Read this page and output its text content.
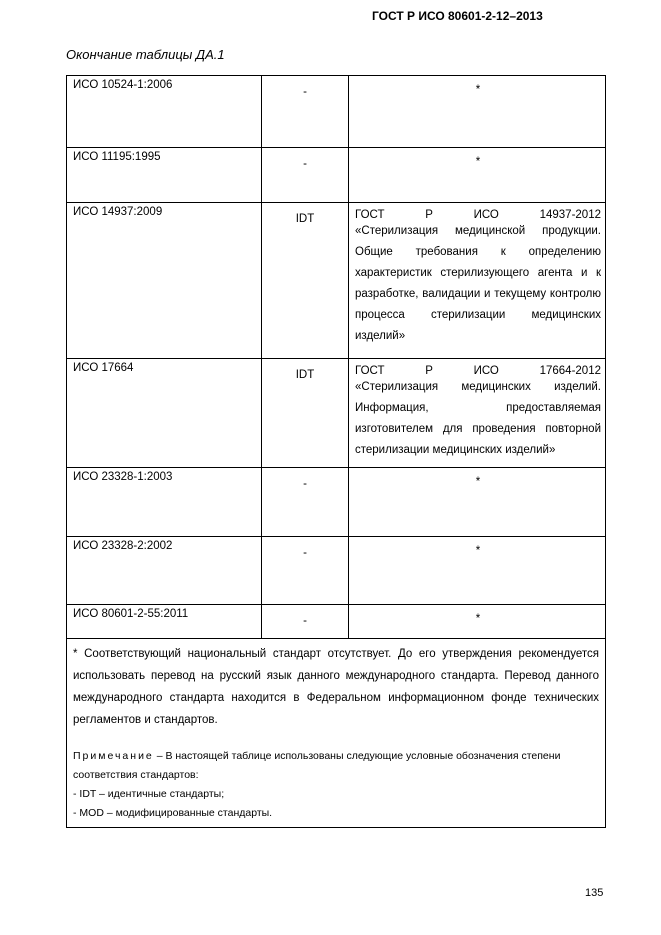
ГОСТ Р ИСО 80601-2-12–2013
Окончание таблицы ДА.1
ИСО 10524-1:2006	-	*
ИСО 11195:1995	-	*
ИСО 14937:2009	IDT	ГОСТ Р ИСО 14937-2012
«Стерилизация медицинской продукции. Общие требования к определению характеристик стерилизующего агента и к разработке, валидации и текущему контролю процесса стерилизации медицинских изделий»

ИСО 17664	IDT	ГОСТ Р ИСО 17664-2012
«Стерилизация медицинских изделий. Информация, предоставляемая изготовителем для проведения повторной стерилизации медицинских изделий»

ИСО 23328-1:2003	-	*
ИСО 23328-2:2002	-	*
ИСО 80601-2-55:2011	-	*

* Соответствующий национальный стандарт отсутствует. До его утверждения рекомендуется использовать перевод на русский язык данного международного стандарта. Перевод данного международного стандарта находится в Федеральном информационном фонде технических регламентов и стандартов.
Примечание – В настоящей таблице использованы следующие условные обозначения степени соответствия стандартов:
- IDT – идентичные стандарты;
- MOD – модифицированные стандарты.		
135
